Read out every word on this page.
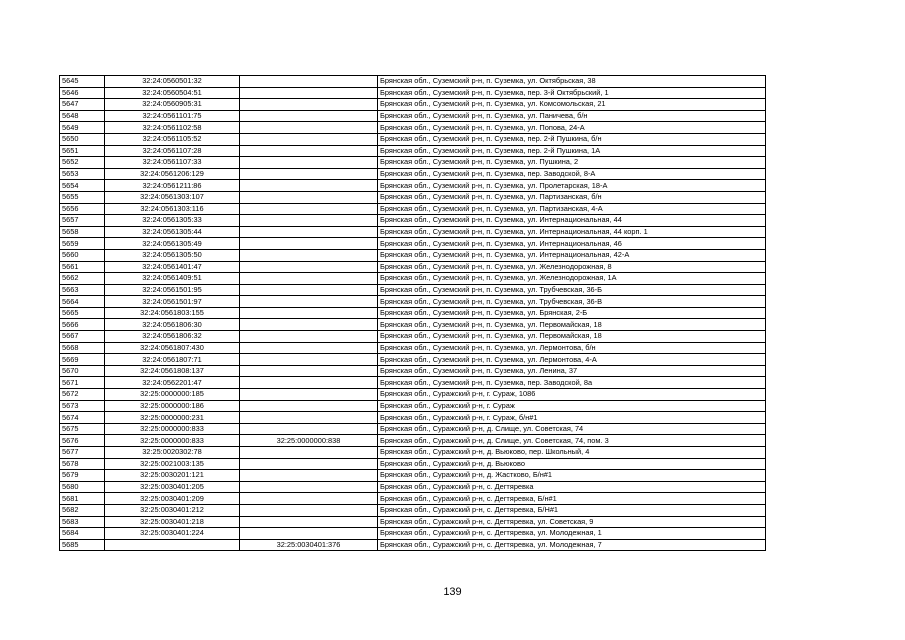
5645	32:24:0560501:32		Брянская обл., Суземский р-н, п. Суземка, ул. Октябрьская, 38
5646	32:24:0560504:51		Брянская обл., Суземский р-н, п. Суземка, пер. 3-й Октябрьский, 1
5647	32:24:0560905:31		Брянская обл., Суземский р-н, п. Суземка, ул. Комсомольская, 21
5648	32:24:0561101:75		Брянская обл., Суземский р-н, п. Суземка, ул. Паничева, б/н
5649	32:24:0561102:58		Брянская обл., Суземский р-н, п. Суземка, ул. Попова, 24-А
5650	32:24:0561105:52		Брянская обл., Суземский р-н, п. Суземка, пер. 2-й Пушкина, б/н
5651	32:24:0561107:28		Брянская обл., Суземский р-н, п. Суземка, пер. 2-й Пушкина, 1А
5652	32:24:0561107:33		Брянская обл., Суземский р-н, п. Суземка, ул. Пушкина, 2
5653	32:24:0561206:129		Брянская обл., Суземский р-н, п. Суземка, пер. Заводской, 8-А
5654	32:24:0561211:86		Брянская обл., Суземский р-н, п. Суземка, ул. Пролетарская, 18-А
5655	32:24:0561303:107		Брянская обл., Суземский р-н, п. Суземка, ул. Партизанская, б/н
5656	32:24:0561303:116		Брянская обл., Суземский р-н, п. Суземка, ул. Партизанская, 4-А
5657	32:24:0561305:33		Брянская обл., Суземский р-н, п. Суземка, ул. Интернациональная, 44
5658	32:24:0561305:44		Брянская обл., Суземский р-н, п. Суземка, ул. Интернациональная, 44 корп. 1
5659	32:24:0561305:49		Брянская обл., Суземский р-н, п. Суземка, ул. Интернациональная, 46
5660	32:24:0561305:50		Брянская обл., Суземский р-н, п. Суземка, ул. Интернациональная, 42-А
5661	32:24:0561401:47		Брянская обл., Суземский р-н, п. Суземка, ул. Железнодорожная, 8
5662	32:24:0561409:51		Брянская обл., Суземский р-н, п. Суземка, ул. Железнодорожная, 1А
5663	32:24:0561501:95		Брянская обл., Суземский р-н, п. Суземка, ул. Трубчевская, 36-Б
5664	32:24:0561501:97		Брянская обл., Суземский р-н, п. Суземка, ул. Трубчевская, 36-В
5665	32:24:0561803:155		Брянская обл., Суземский р-н, п. Суземка, ул. Брянская, 2-Б
5666	32:24:0561806:30		Брянская обл., Суземский р-н, п. Суземка, ул. Первомайская, 18
5667	32:24:0561806:32		Брянская обл., Суземский р-н, п. Суземка, ул. Первомайская, 18
5668	32:24:0561807:430		Брянская обл., Суземский р-н, п. Суземка, ул. Лермонтова, б/н
5669	32:24:0561807:71		Брянская обл., Суземский р-н, п. Суземка, ул. Лермонтова, 4-А
5670	32:24:0561808:137		Брянская обл., Суземский р-н, п. Суземка, ул. Ленина, 37
5671	32:24:0562201:47		Брянская обл., Суземский р-н, п. Суземка, пер. Заводской, 8а
5672	32:25:0000000:185		Брянская обл., Суражский р-н, г. Сураж, 1086
5673	32:25:0000000:186		Брянская обл., Суражский р-н, г. Сураж
5674	32:25:0000000:231		Брянская обл., Суражский р-н, г. Сураж, б/н#1
5675	32:25:0000000:833		Брянская обл., Суражский р-н, д. Слище, ул. Советская, 74
5676	32:25:0000000:833	32:25:0000000:838	Брянская обл., Суражский р-н, д. Слище, ул. Советская, 74, пом. 3
5677	32:25:0020302:78		Брянская обл., Суражский р-н, д. Вьюково, пер. Школьный, 4
5678	32:25:0021003:135		Брянская обл., Суражский р-н, д. Вьюково
5679	32:25:0030201:121		Брянская обл., Суражский р-н, д. Жастково, Б/н#1
5680	32:25:0030401:205		Брянская обл., Суражский р-н, с. Дегтяревка
5681	32:25:0030401:209		Брянская обл., Суражский р-н, с. Дегтяревка, Б/н#1
5682	32:25:0030401:212		Брянская обл., Суражский р-н, с. Дегтяревка, Б/Н#1
5683	32:25:0030401:218		Брянская обл., Суражский р-н, с. Дегтяревка, ул. Советская, 9
5684	32:25:0030401:224		Брянская обл., Суражский р-н, с. Дегтяревка, ул. Молодежная, 1
5685		32:25:0030401:376	Брянская обл., Суражский р-н, с. Дегтяревка, ул. Молодежная, 7
139
